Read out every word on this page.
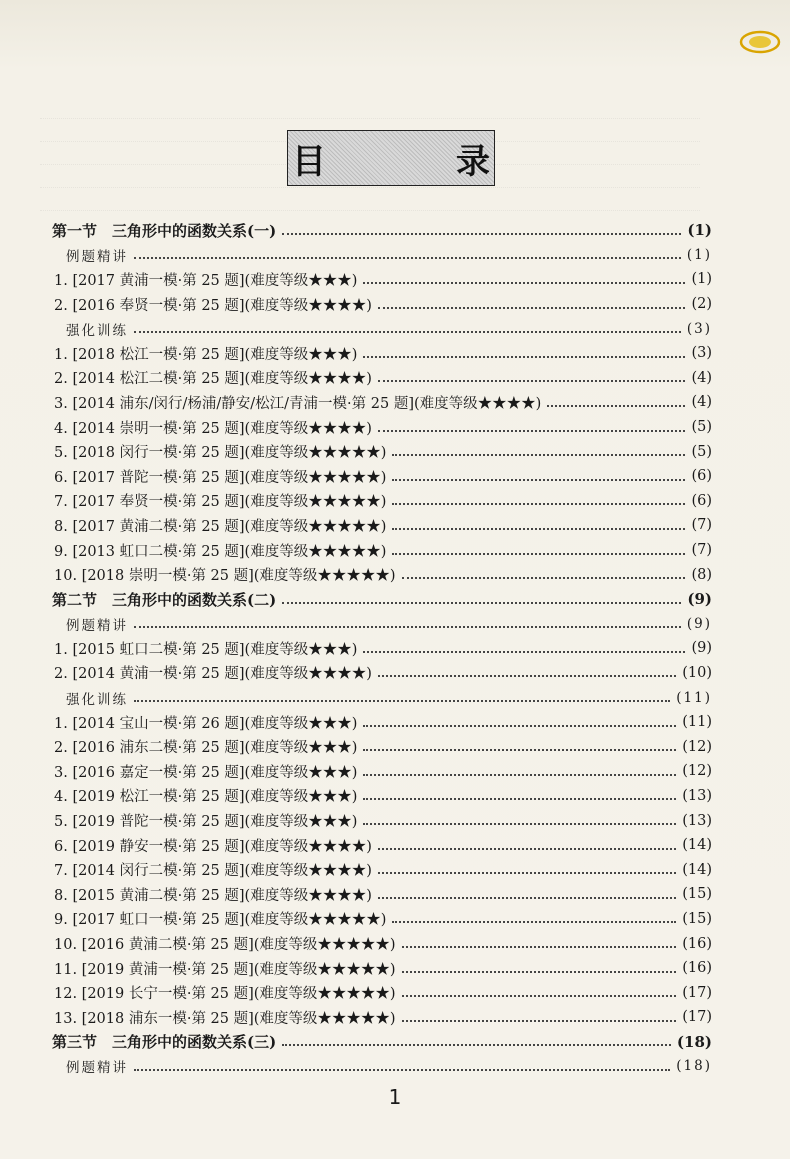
目　录
第一节　三角形中的函数关系(一)	(1)
例题精讲	(1)
1. [2017 黄浦一模·第 25 题](难度等级★★★)	(1)
2. [2016 奉贤一模·第 25 题](难度等级★★★★)	(2)
强化训练	(3)
1. [2018 松江一模·第 25 题](难度等级★★★)	(3)
2. [2014 松江二模·第 25 题](难度等级★★★★)	(4)
3. [2014 浦东/闵行/杨浦/静安/松江/青浦一模·第 25 题](难度等级★★★★)	(4)
4. [2014 崇明一模·第 25 题](难度等级★★★★)	(5)
5. [2018 闵行一模·第 25 题](难度等级★★★★★)	(5)
6. [2017 普陀一模·第 25 题](难度等级★★★★★)	(6)
7. [2017 奉贤一模·第 25 题](难度等级★★★★★)	(6)
8. [2017 黄浦二模·第 25 题](难度等级★★★★★)	(7)
9. [2013 虹口二模·第 25 题](难度等级★★★★★)	(7)
10. [2018 崇明一模·第 25 题](难度等级★★★★★)	(8)
第二节　三角形中的函数关系(二)	(9)
例题精讲	(9)
1. [2015 虹口二模·第 25 题](难度等级★★★)	(9)
2. [2014 黄浦一模·第 25 题](难度等级★★★★)	(10)
强化训练	(11)
1. [2014 宝山一模·第 26 题](难度等级★★★)	(11)
2. [2016 浦东二模·第 25 题](难度等级★★★)	(12)
3. [2016 嘉定一模·第 25 题](难度等级★★★)	(12)
4. [2019 松江一模·第 25 题](难度等级★★★)	(13)
5. [2019 普陀一模·第 25 题](难度等级★★★)	(13)
6. [2019 静安一模·第 25 题](难度等级★★★★)	(14)
7. [2014 闵行二模·第 25 题](难度等级★★★★)	(14)
8. [2015 黄浦二模·第 25 题](难度等级★★★★)	(15)
9. [2017 虹口一模·第 25 题](难度等级★★★★★)	(15)
10. [2016 黄浦二模·第 25 题](难度等级★★★★★)	(16)
11. [2019 黄浦一模·第 25 题](难度等级★★★★★)	(16)
12. [2019 长宁一模·第 25 题](难度等级★★★★★)	(17)
13. [2018 浦东一模·第 25 题](难度等级★★★★★)	(17)
第三节　三角形中的函数关系(三)	(18)
例题精讲	(18)
1
